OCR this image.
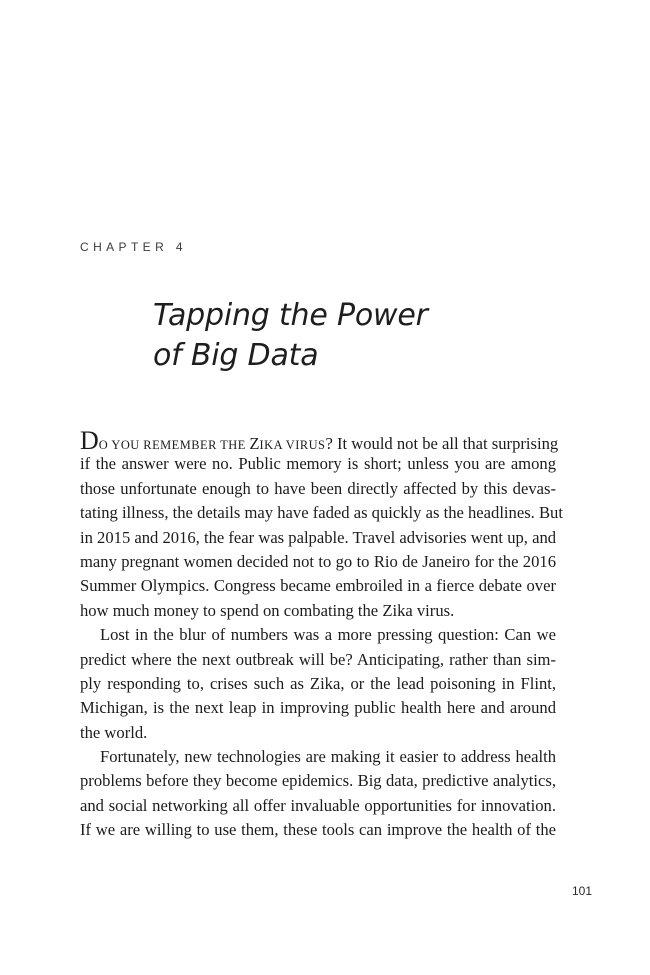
CHAPTER 4
Tapping the Power
of Big Data
DO YOU REMEMBER THE ZIKA VIRUS? It would not be all that surprising
if the answer were no. Public memory is short; unless you are among
those unfortunate enough to have been directly affected by this devas-
tating illness, the details may have faded as quickly as the headlines. But
in 2015 and 2016, the fear was palpable. Travel advisories went up, and
many pregnant women decided not to go to Rio de Janeiro for the 2016
Summer Olympics. Congress became embroiled in a fierce debate over
how much money to spend on combating the Zika virus.
Lost in the blur of numbers was a more pressing question: Can we
predict where the next outbreak will be? Anticipating, rather than sim-
ply responding to, crises such as Zika, or the lead poisoning in Flint,
Michigan, is the next leap in improving public health here and around
the world.
Fortunately, new technologies are making it easier to address health
problems before they become epidemics. Big data, predictive analytics,
and social networking all offer invaluable opportunities for innovation.
If we are willing to use them, these tools can improve the health of the
101
